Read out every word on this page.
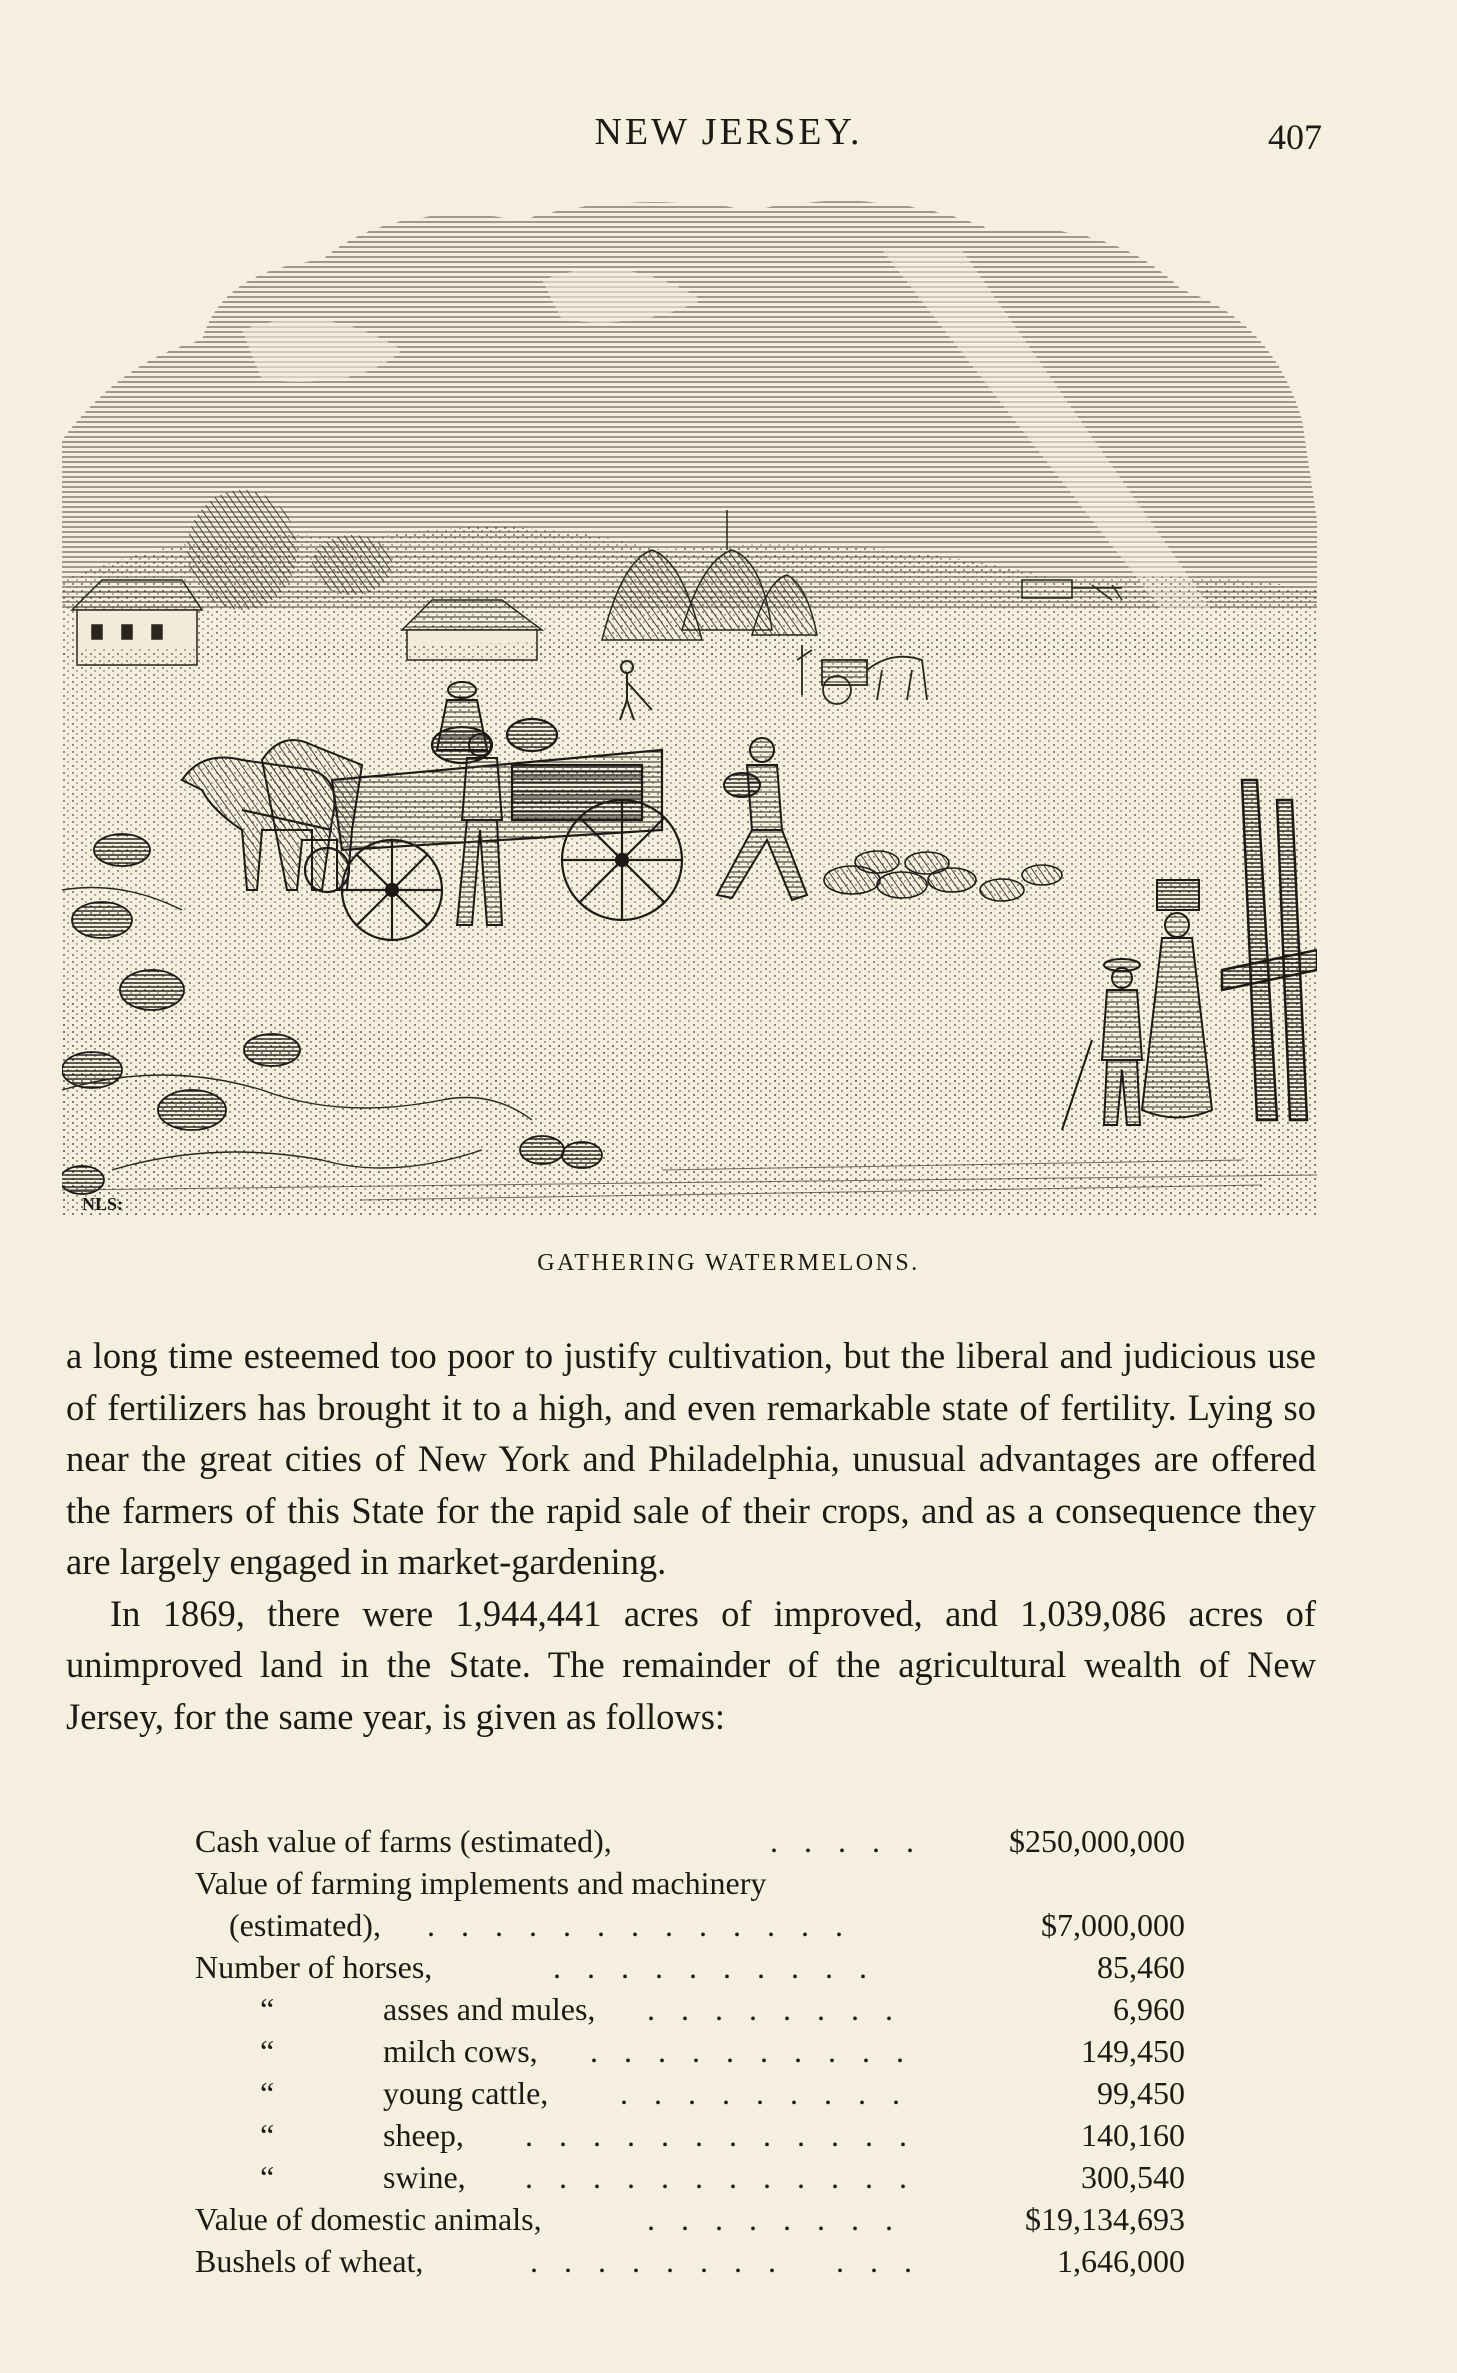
NEW JERSEY.	407
NLS:
GATHERING WATERMELONS.

a long time esteemed too poor to justify cultivation, but the liberal and judicious use of fertilizers has brought it to a high, and even remarkable state of fertility. Lying so near the great cities of New York and Philadelphia, unusual advantages are offered the farmers of this State for the rapid sale of their crops, and as a consequence they are largely engaged in market-gardening.

In 1869, there were 1,944,441 acres of improved, and 1,039,086 acres of unimproved land in the State. The remainder of the agricultural wealth of New Jersey, for the same year, is given as follows:

Cash value of farms (estimated),	. . . . .	$250,000,000
Value of farming implements and machinery
(estimated), . . . . . . . . . . . . .	$7,000,000
Number of horses,	. . . . . . . . . .	85,460
“	asses and mules, . . . . . . . .	6,960
“	milch cows, . . . . . . . . . .	149,450
“	young cattle, . . . . . . . . .	99,450
“	sheep, . . . . . . . . . . . .	140,160
“	swine, . . . . . . . . . . . .	300,540
Value of domestic animals,	. . . . . . . .	$19,134,693
Bushels of wheat,	. . . . . . . .   . . .	1,646,000
